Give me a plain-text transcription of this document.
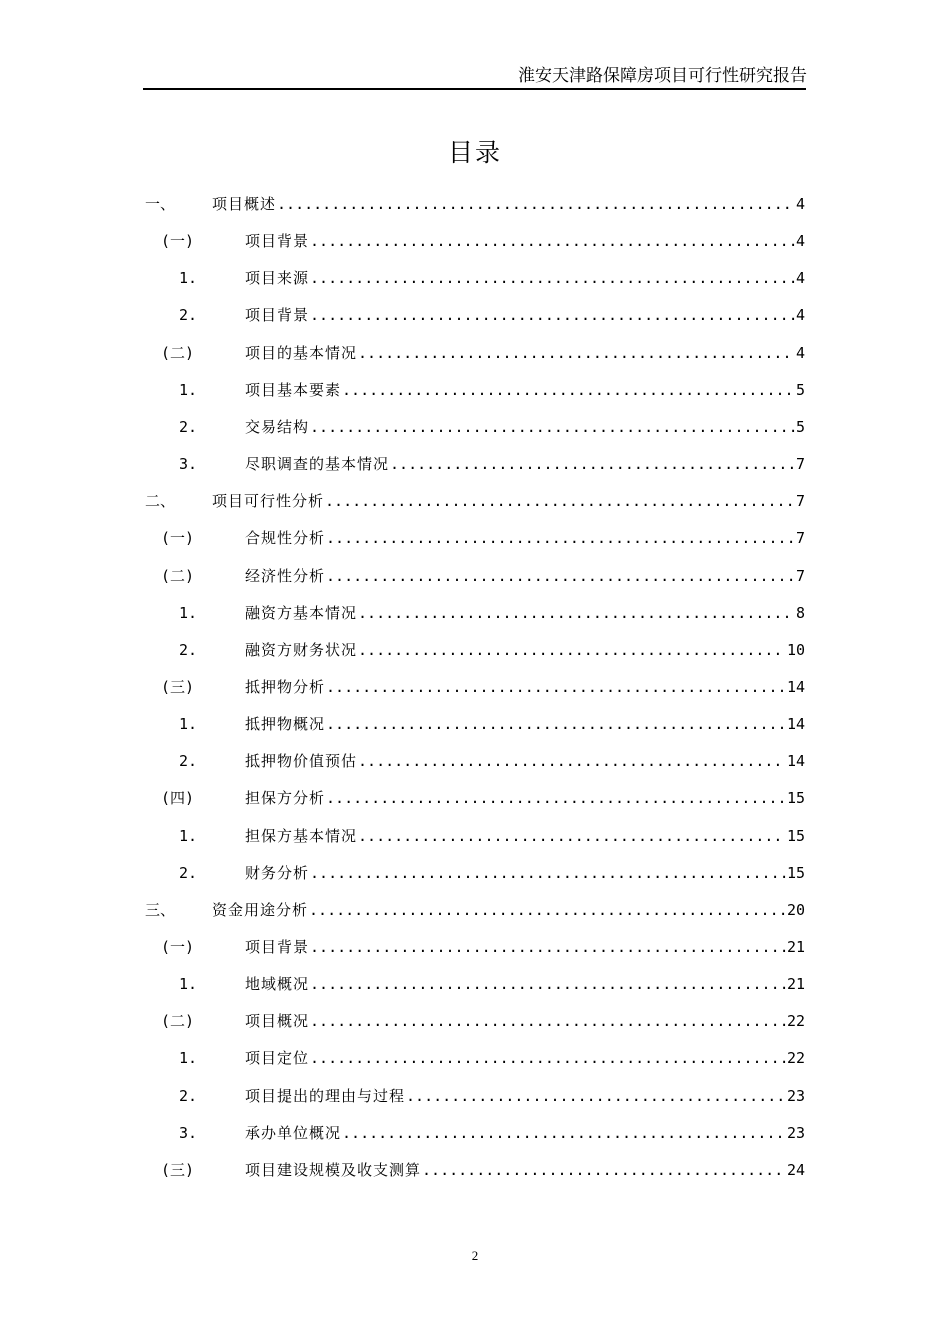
淮安天津路保障房项目可行性研究报告
目录
一、	项目概述 .....	4
(一)	项目背景 .....	4
1.	项目来源 .....	4
2.	项目背景 .....	4
(二)	项目的基本情况 .....	4
1.	项目基本要素 .....	5
2.	交易结构 .....	5
3.	尽职调查的基本情况 .....	7
二、	项目可行性分析 .....	7
(一)	合规性分析 .....	7
(二)	经济性分析 .....	7
1.	融资方基本情况 .....	8
2.	融资方财务状况 .....	10
(三)	抵押物分析 .....	14
1.	抵押物概况 .....	14
2.	抵押物价值预估 .....	14
(四)	担保方分析 .....	15
1.	担保方基本情况 .....	15
2.	财务分析 .....	15
三、	资金用途分析 .....	20
(一)	项目背景 .....	21
1.	地域概况 .....	21
(二)	项目概况 .....	22
1.	项目定位 .....	22
2.	项目提出的理由与过程 .....	23
3.	承办单位概况 .....	23
(三)	项目建设规模及收支测算 .....	24
2
